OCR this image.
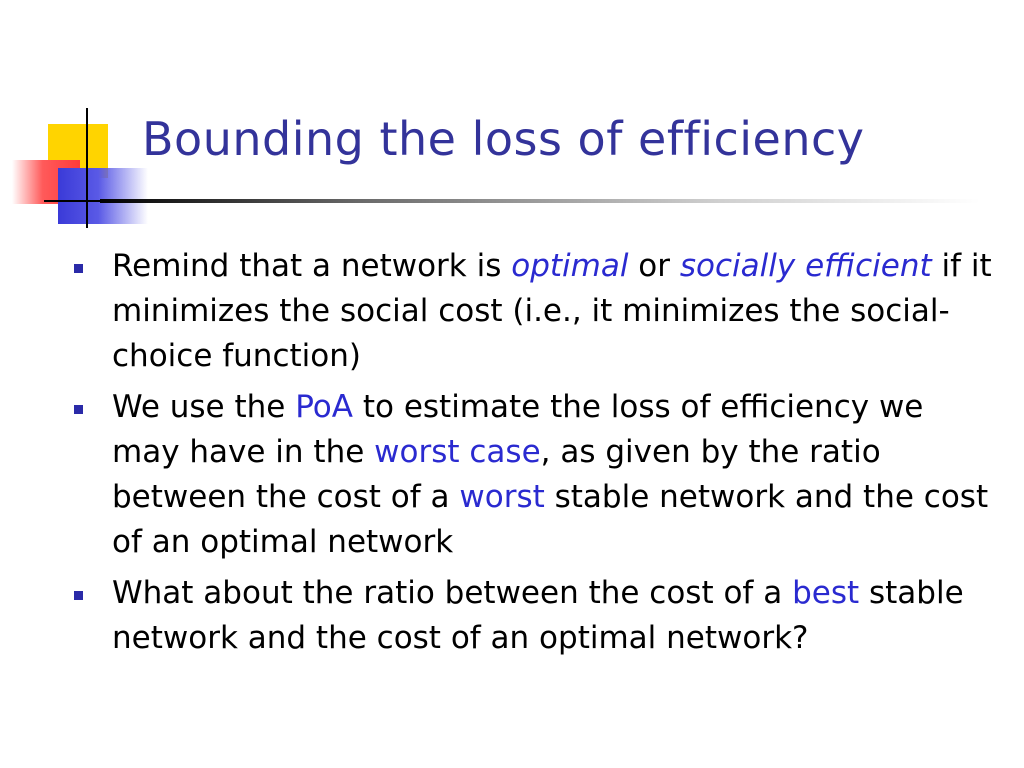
Bounding the loss of efficiency
Remind that a network is optimal or socially efficient if it minimizes the social cost (i.e., it minimizes the social-choice function)
We use the PoA to estimate the loss of efficiency we may have in the worst case, as given by the ratio between the cost of a worst stable network and the cost of an optimal network
What about the ratio between the cost of a best stable network and the cost of an optimal network?
